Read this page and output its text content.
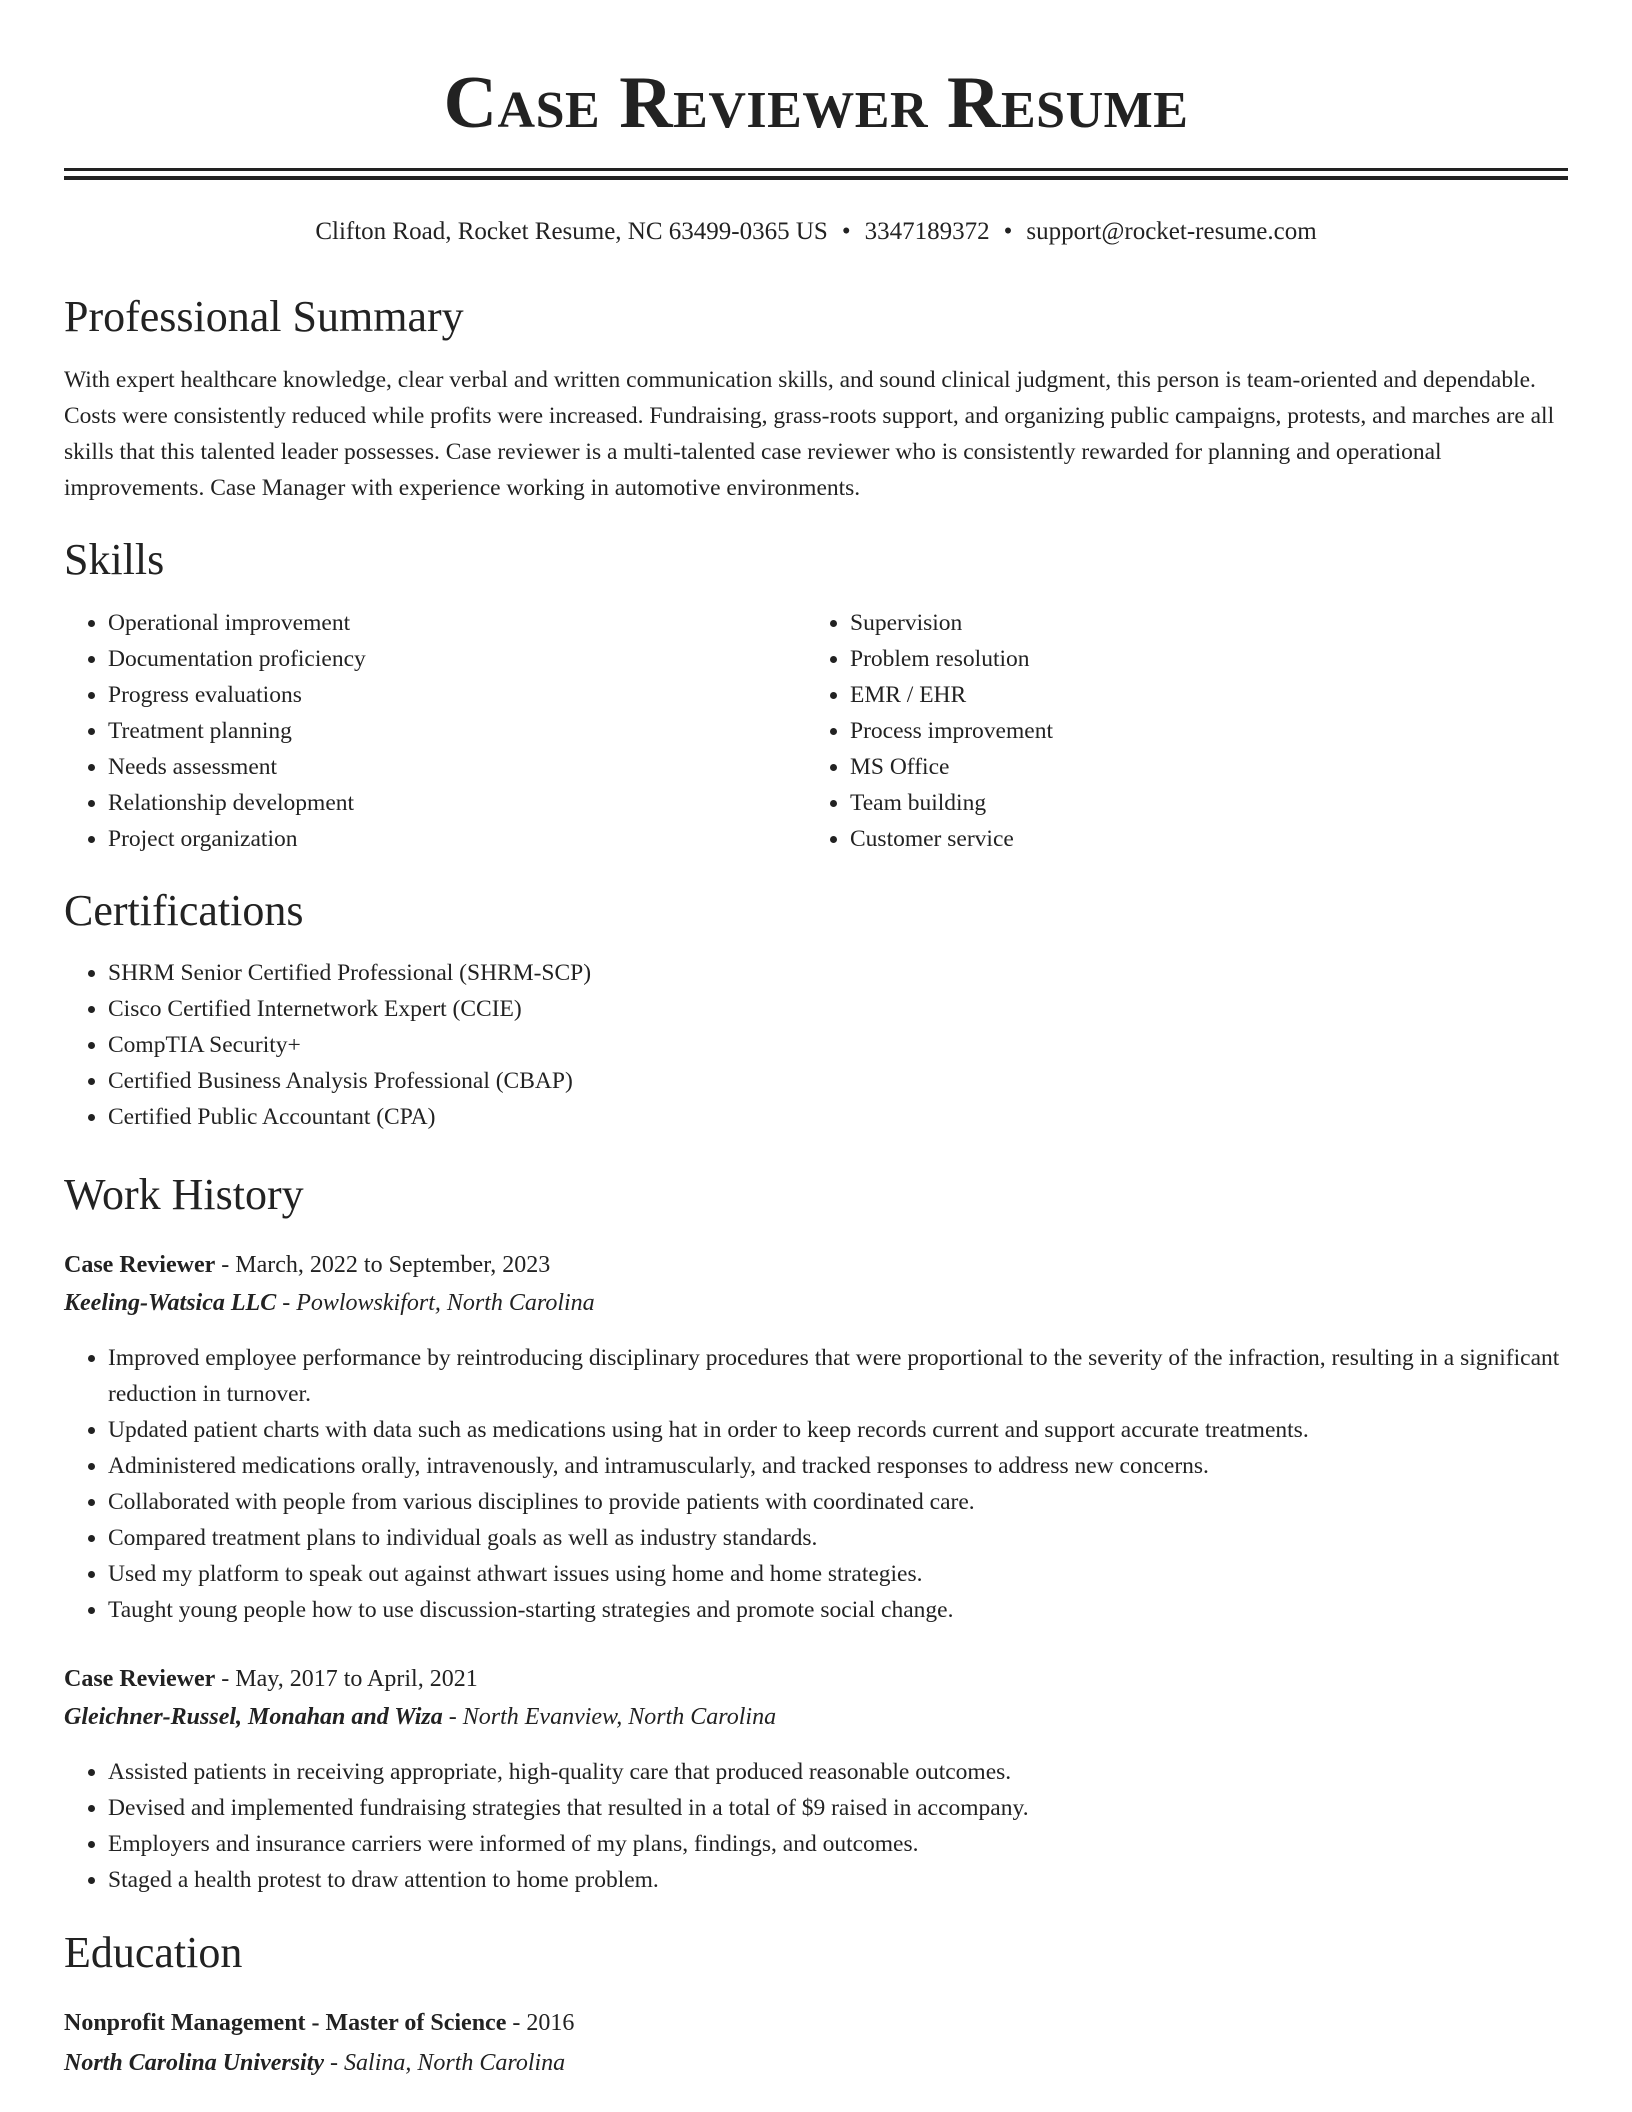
Case Reviewer Resume
Clifton Road, Rocket Resume, NC 63499-0365 US • 3347189372 • support@rocket-resume.com
Professional Summary
With expert healthcare knowledge, clear verbal and written communication skills, and sound clinical judgment, this person is team-oriented and dependable. Costs were consistently reduced while profits were increased. Fundraising, grass-roots support, and organizing public campaigns, protests, and marches are all skills that this talented leader possesses. Case reviewer is a multi-talented case reviewer who is consistently rewarded for planning and operational improvements. Case Manager with experience working in automotive environments.
Skills
• Operational improvement
• Documentation proficiency
• Progress evaluations
• Treatment planning
• Needs assessment
• Relationship development
• Project organization
• Supervision
• Problem resolution
• EMR / EHR
• Process improvement
• MS Office
• Team building
• Customer service
Certifications
• SHRM Senior Certified Professional (SHRM-SCP)
• Cisco Certified Internetwork Expert (CCIE)
• CompTIA Security+
• Certified Business Analysis Professional (CBAP)
• Certified Public Accountant (CPA)
Work History
Case Reviewer - March, 2022 to September, 2023
Keeling-Watsica LLC - Powlowskifort, North Carolina
• Improved employee performance by reintroducing disciplinary procedures that were proportional to the severity of the infraction, resulting in a significant reduction in turnover.
• Updated patient charts with data such as medications using hat in order to keep records current and support accurate treatments.
• Administered medications orally, intravenously, and intramuscularly, and tracked responses to address new concerns.
• Collaborated with people from various disciplines to provide patients with coordinated care.
• Compared treatment plans to individual goals as well as industry standards.
• Used my platform to speak out against athwart issues using home and home strategies.
• Taught young people how to use discussion-starting strategies and promote social change.
Case Reviewer - May, 2017 to April, 2021
Gleichner-Russel, Monahan and Wiza - North Evanview, North Carolina
• Assisted patients in receiving appropriate, high-quality care that produced reasonable outcomes.
• Devised and implemented fundraising strategies that resulted in a total of $9 raised in accompany.
• Employers and insurance carriers were informed of my plans, findings, and outcomes.
• Staged a health protest to draw attention to home problem.
Education
Nonprofit Management - Master of Science - 2016
North Carolina University - Salina, North Carolina
